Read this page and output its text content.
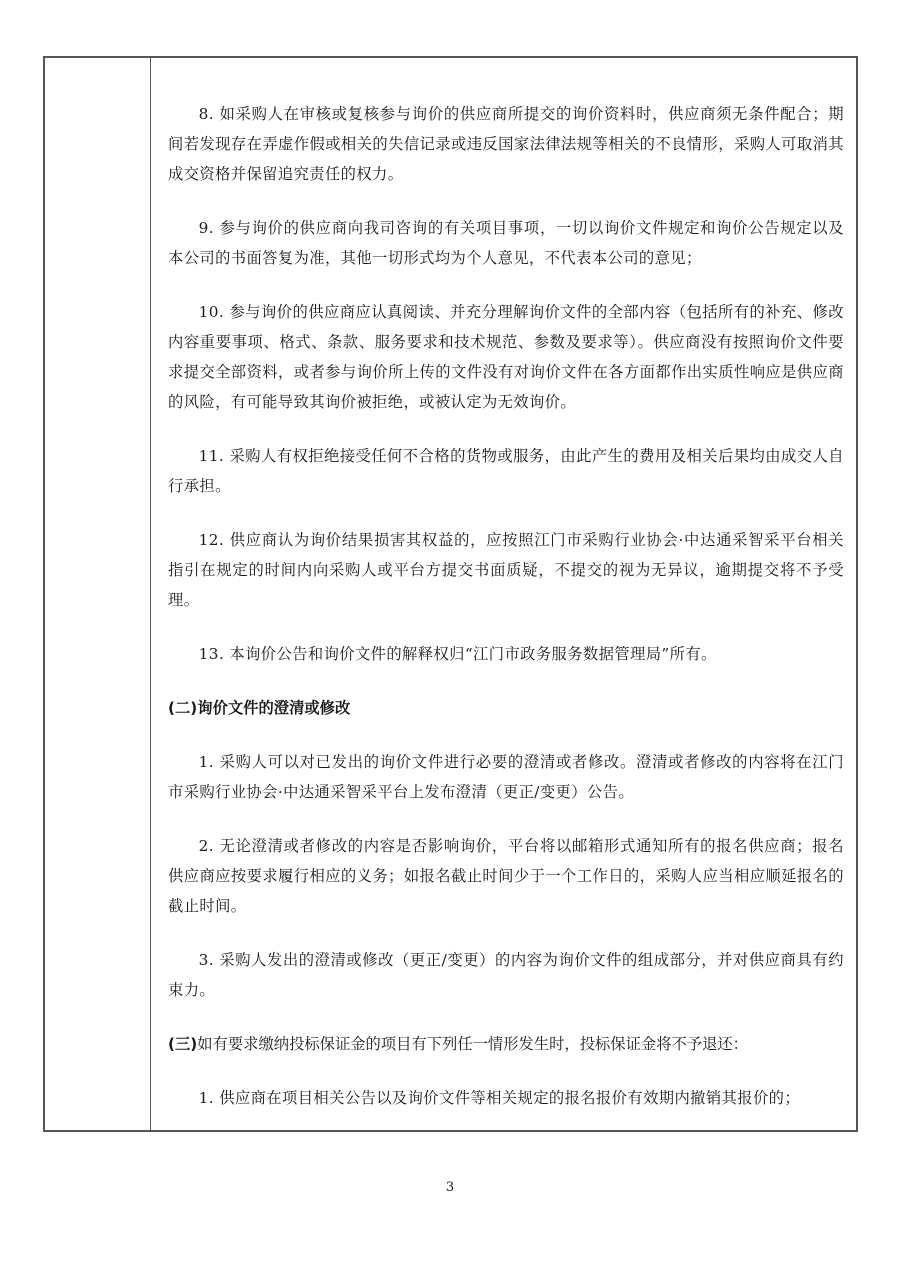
8. 如采购人在审核或复核参与询价的供应商所提交的询价资料时，供应商须无条件配合；期间若发现存在弄虚作假或相关的失信记录或违反国家法律法规等相关的不良情形，采购人可取消其成交资格并保留追究责任的权力。

9. 参与询价的供应商向我司咨询的有关项目事项，一切以询价文件规定和询价公告规定以及本公司的书面答复为准，其他一切形式均为个人意见，不代表本公司的意见；

10. 参与询价的供应商应认真阅读、并充分理解询价文件的全部内容（包括所有的补充、修改内容重要事项、格式、条款、服务要求和技术规范、参数及要求等）。供应商没有按照询价文件要求提交全部资料，或者参与询价所上传的文件没有对询价文件在各方面都作出实质性响应是供应商的风险，有可能导致其询价被拒绝，或被认定为无效询价。

11. 采购人有权拒绝接受任何不合格的货物或服务，由此产生的费用及相关后果均由成交人自行承担。

12. 供应商认为询价结果损害其权益的，应按照江门市采购行业协会·中达通采智采平台相关指引在规定的时间内向采购人或平台方提交书面质疑，不提交的视为无异议，逾期提交将不予受理。

13. 本询价公告和询价文件的解释权归“江门市政务服务数据管理局”所有。

(二)询价文件的澄清或修改

1. 采购人可以对已发出的询价文件进行必要的澄清或者修改。澄清或者修改的内容将在江门市采购行业协会·中达通采智采平台上发布澄清（更正/变更）公告。

2. 无论澄清或者修改的内容是否影响询价，平台将以邮箱形式通知所有的报名供应商；报名供应商应按要求履行相应的义务；如报名截止时间少于一个工作日的，采购人应当相应顺延报名的截止时间。

3. 采购人发出的澄清或修改（更正/变更）的内容为询价文件的组成部分，并对供应商具有约束力。

(三)如有要求缴纳投标保证金的项目有下列任一情形发生时，投标保证金将不予退还：

1. 供应商在项目相关公告以及询价文件等相关规定的报名报价有效期内撤销其报价的；

3
